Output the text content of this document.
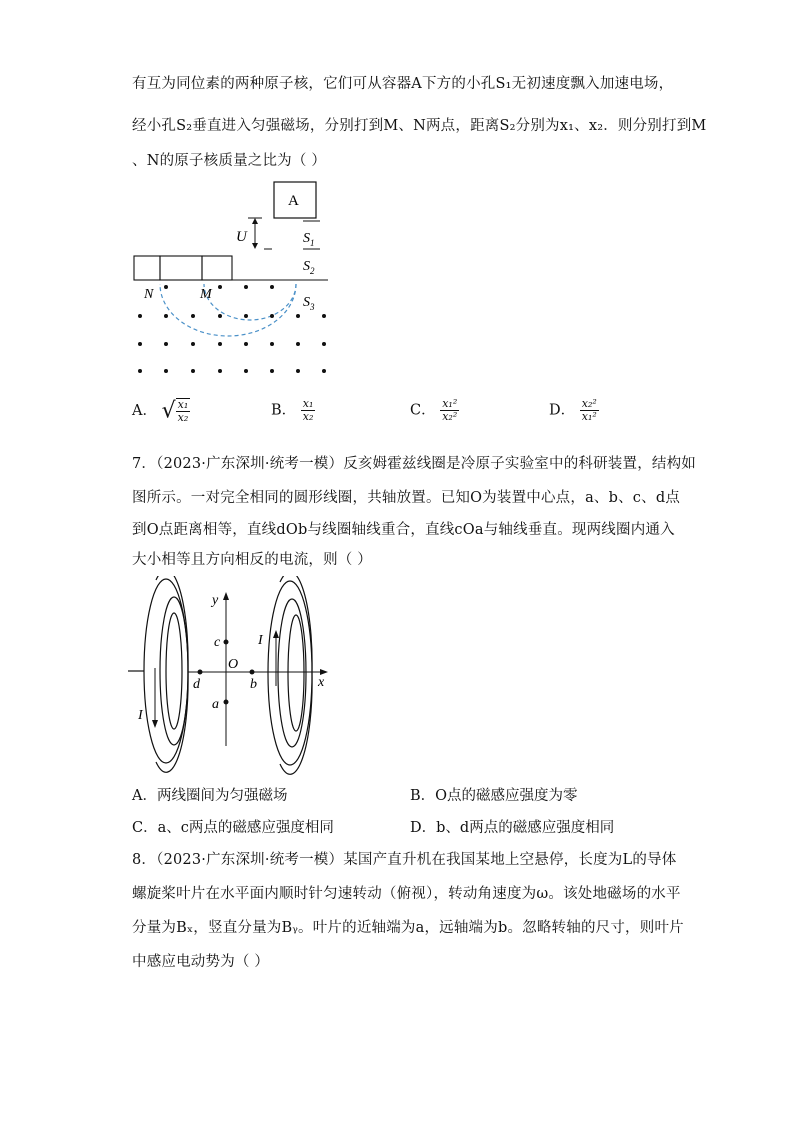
有互为同位素的两种原子核，它们可从容器A下方的小孔S₁无初速度飘入加速电场，
经小孔S₂垂直进入匀强磁场，分别打到M、N两点，距离S₂分别为x₁、x₂．则分别打到M
、N的原子核质量之比为（ ）
A
U	$S_1$
$S_2$
$S_3$
N	M
A． √ $\frac{\text{x₁}}{\text{x₂}}$	B． $\frac{\text{x₁}}{\text{x₂}}$	C． $\frac{\text{x₁²}}{\text{x₂²}}$	D． $\frac{\text{x₂²}}{\text{x₁²}}$
7．（2023·广东深圳·统考一模）反亥姆霍兹线圈是冷原子实验室中的科研装置，结构如
图所示。一对完全相同的圆形线圈，共轴放置。已知O为装置中心点，a、b、c、d点
到O点距离相等，直线dOb与线圈轴线重合，直线cOa与轴线垂直。现两线圈内通入
大小相等且方向相反的电流，则（ ）
I
I
y
x
O
c
a
d	b
A．两线圈间为匀强磁场	B．O点的磁感应强度为零
C．a、c两点的磁感应强度相同	D．b、d两点的磁感应强度相同
8．（2023·广东深圳·统考一模）某国产直升机在我国某地上空悬停，长度为L的导体
螺旋桨叶片在水平面内顺时针匀速转动（俯视），转动角速度为ω。该处地磁场的水平
分量为Bₓ，竖直分量为Bᵧ。叶片的近轴端为a，远轴端为b。忽略转轴的尺寸，则叶片
中感应电动势为（ ）
